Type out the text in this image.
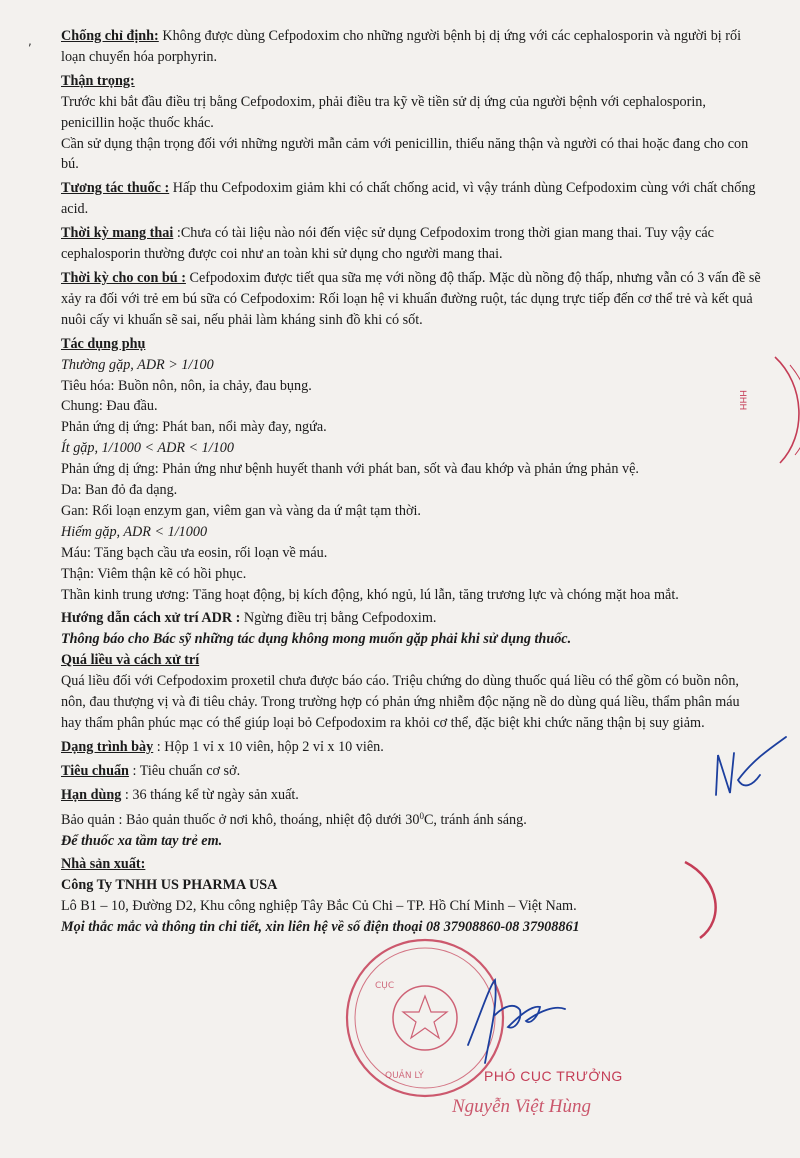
, Chống chỉ định: Không được dùng Cefpodoxim cho những người bệnh bị dị ứng với các cephalosporin và người bị rối loạn chuyển hóa porphyrin.

Thận trọng:

Trước khi bắt đầu điều trị bằng Cefpodoxim, phải điều tra kỹ về tiền sử dị ứng của người bệnh với cephalosporin, penicillin hoặc thuốc khác.

Cần sử dụng thận trọng đối với những người mẫn cảm với penicillin, thiểu năng thận và người có thai hoặc đang cho con bú.

Tương tác thuốc : Hấp thu Cefpodoxim giảm khi có chất chống acid, vì vậy tránh dùng Cefpodoxim cùng với chất chống acid.

Thời kỳ mang thai :Chưa có tài liệu nào nói đến việc sử dụng Cefpodoxim trong thời gian mang thai. Tuy vậy các cephalosporin thường được coi như an toàn khi sử dụng cho người mang thai.

Thời kỳ cho con bú : Cefpodoxim được tiết qua sữa mẹ với nồng độ thấp. Mặc dù nồng độ thấp, nhưng vẫn có 3 vấn đề sẽ xảy ra đối với trẻ em bú sữa có Cefpodoxim: Rối loạn hệ vi khuẩn đường ruột, tác dụng trực tiếp đến cơ thể trẻ và kết quả nuôi cấy vi khuẩn sẽ sai, nếu phải làm kháng sinh đồ khi có sốt.

Tác dụng phụ

Thường gặp, ADR > 1/100

Tiêu hóa: Buồn nôn, nôn, ỉa chảy, đau bụng.

Chung: Đau đầu.

Phản ứng dị ứng: Phát ban, nổi mày đay, ngứa.

Ít gặp, 1/1000 < ADR < 1/100

Phản ứng dị ứng: Phản ứng như bệnh huyết thanh với phát ban, sốt và đau khớp và phản ứng phản vệ.

Da: Ban đỏ đa dạng.

Gan: Rối loạn enzym gan, viêm gan và vàng da ứ mật tạm thời.

Hiếm gặp, ADR < 1/1000

Máu: Tăng bạch cầu ưa eosin, rối loạn về máu.

Thận: Viêm thận kẽ có hồi phục.

Thần kinh trung ương: Tăng hoạt động, bị kích động, khó ngủ, lú lẫn, tăng trương lực và chóng mặt hoa mắt.

Hướng dẫn cách xử trí ADR : Ngừng điều trị bằng Cefpodoxim.

Thông báo cho Bác sỹ những tác dụng không mong muốn gặp phải khi sử dụng thuốc.

Quá liều và cách xử trí

Quá liều đối với Cefpodoxim proxetil chưa được báo cáo. Triệu chứng do dùng thuốc quá liều có thể gồm có buồn nôn, nôn, đau thượng vị và đi tiêu chảy. Trong trường hợp có phản ứng nhiễm độc nặng nề do dùng quá liều, thẩm phân máu hay thẩm phân phúc mạc có thể giúp loại bỏ Cefpodoxim ra khỏi cơ thể, đặc biệt khi chức năng thận bị suy giảm.

Dạng trình bày : Hộp 1 vỉ x 10 viên, hộp 2 vỉ x 10 viên.

Tiêu chuẩn : Tiêu chuẩn cơ sở.

Hạn dùng : 36 tháng kể từ ngày sản xuất.

Bảo quản : Bảo quản thuốc ở nơi khô, thoáng, nhiệt độ dưới $30^0C$, tránh ánh sáng.

Để thuốc xa tầm tay trẻ em.

Nhà sản xuất:

Công Ty TNHH US PHARMA USA

Lô B1 – 10, Đường D2, Khu công nghiệp Tây Bắc Củ Chi – TP. Hồ Chí Minh – Việt Nam.

Mọi thắc mắc và thông tin chi tiết, xin liên hệ về số điện thoại 08 37908860-08 37908861

HHH
CỤC
QUẢN LÝ	PHÓ CỤC TRƯỞNG
Nguyễn Việt Hùng
